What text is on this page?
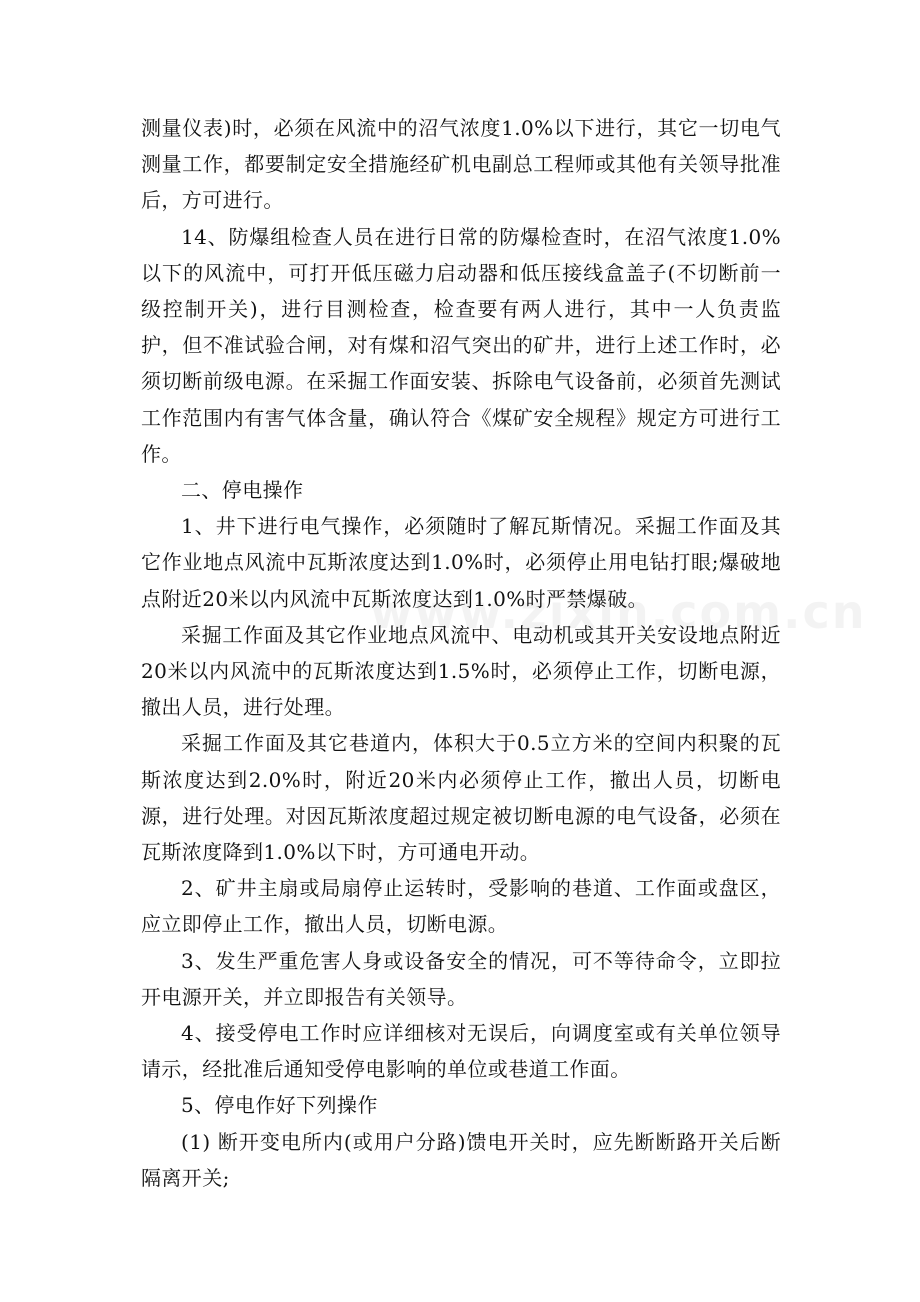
测量仪表)时，必须在风流中的沼气浓度1.0%以下进行，其它一切电气测量工作，都要制定安全措施经矿机电副总工程师或其他有关领导批准后，方可进行。

14、防爆组检查人员在进行日常的防爆检查时，在沼气浓度1.0%以下的风流中，可打开低压磁力启动器和低压接线盒盖子(不切断前一级控制开关)，进行目测检查，检查要有两人进行，其中一人负责监护，但不准试验合闸，对有煤和沼气突出的矿井，进行上述工作时，必须切断前级电源。在采掘工作面安装、拆除电气设备前，必须首先测试工作范围内有害气体含量，确认符合《煤矿安全规程》规定方可进行工作。

二、停电操作

1、井下进行电气操作，必须随时了解瓦斯情况。采掘工作面及其它作业地点风流中瓦斯浓度达到1.0%时，必须停止用电钻打眼;爆破地点附近20米以内风流中瓦斯浓度达到1.0%时严禁爆破。

采掘工作面及其它作业地点风流中、电动机或其开关安设地点附近20米以内风流中的瓦斯浓度达到1.5%时，必须停止工作，切断电源，撤出人员，进行处理。

采掘工作面及其它巷道内，体积大于0.5立方米的空间内积聚的瓦斯浓度达到2.0%时，附近20米内必须停止工作，撤出人员，切断电源，进行处理。对因瓦斯浓度超过规定被切断电源的电气设备，必须在瓦斯浓度降到1.0%以下时，方可通电开动。

2、矿井主扇或局扇停止运转时，受影响的巷道、工作面或盘区，应立即停止工作，撤出人员，切断电源。

3、发生严重危害人身或设备安全的情况，可不等待命令，立即拉开电源开关，并立即报告有关领导。

4、接受停电工作时应详细核对无误后，向调度室或有关单位领导请示，经批准后通知受停电影响的单位或巷道工作面。

5、停电作好下列操作

(1) 断开变电所内(或用户分路)馈电开关时，应先断断路开关后断隔离开关;
